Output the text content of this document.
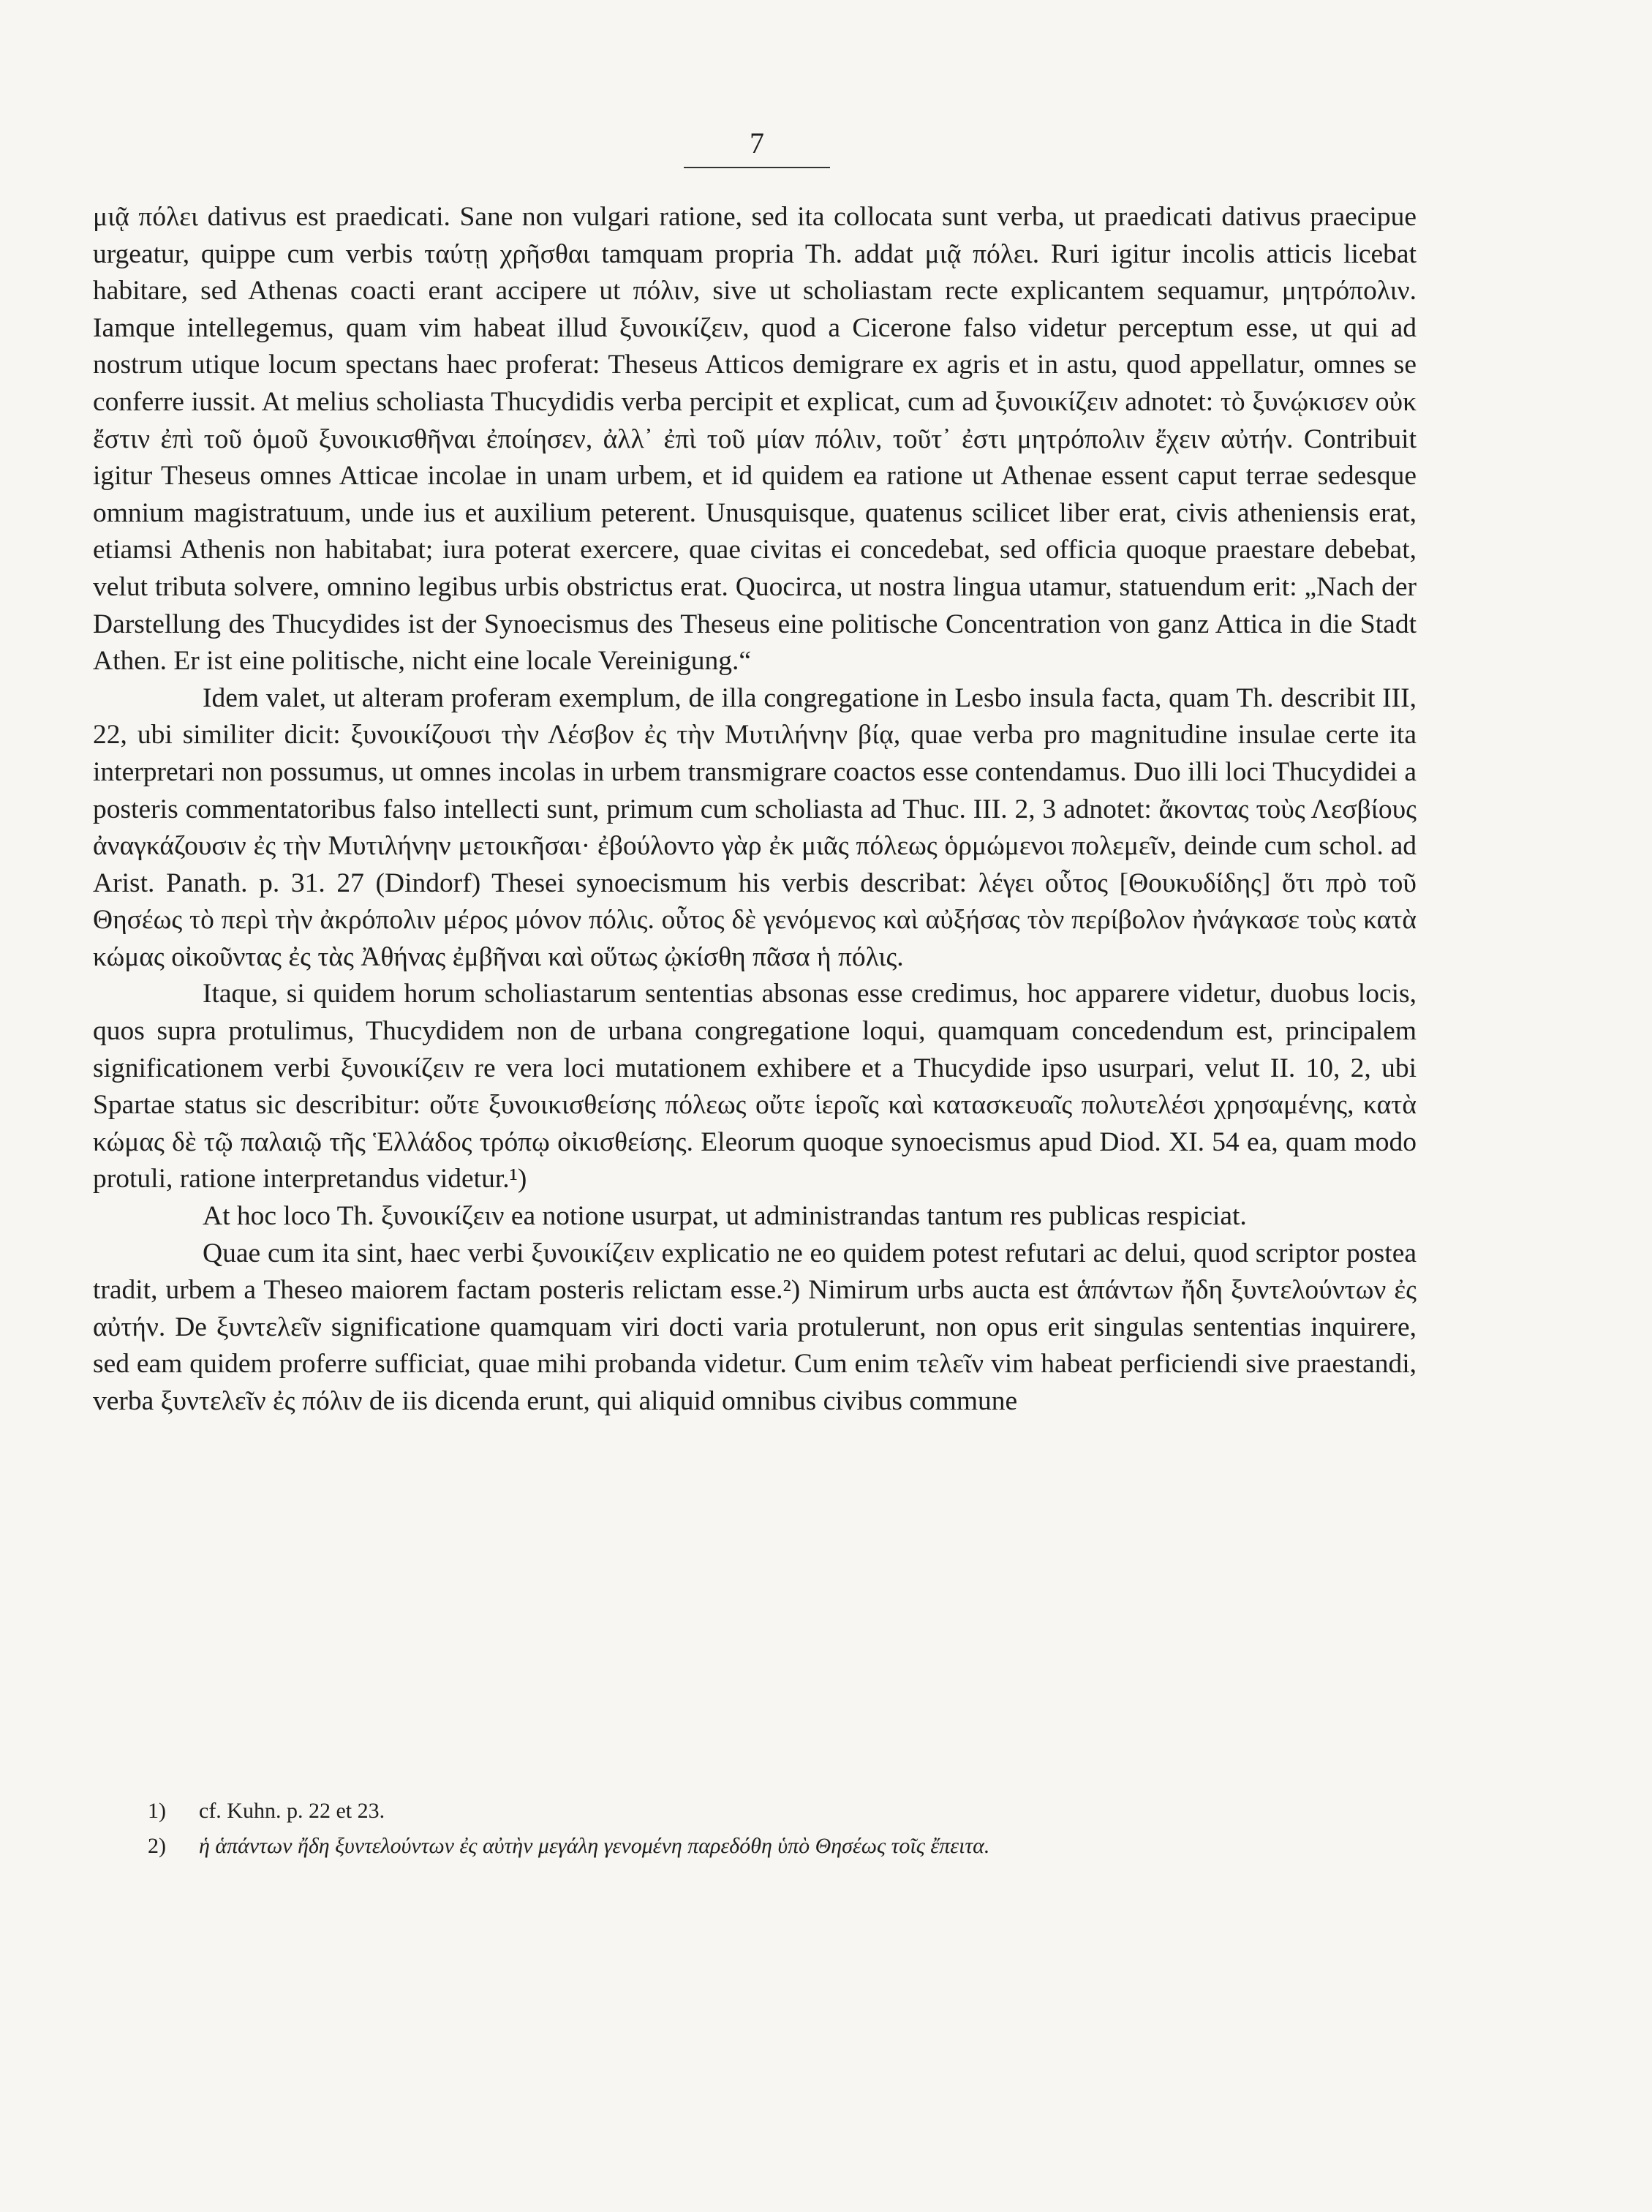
7

μιᾷ πόλει dativus est praedicati. Sane non vulgari ratione, sed ita collocata sunt verba, ut praedicati dativus praecipue urgeatur, quippe cum verbis ταύτῃ χρῆσθαι tamquam propria Th. addat μιᾷ πόλει. Ruri igitur incolis atticis licebat habitare, sed Athenas coacti erant accipere ut πόλιν, sive ut scholiastam recte explicantem sequamur, μητρόπολιν. Iamque intellegemus, quam vim habeat illud ξυνοικίζειν, quod a Cicerone falso videtur perceptum esse, ut qui ad nostrum utique locum spectans haec proferat: Theseus Atticos demigrare ex agris et in astu, quod appellatur, omnes se conferre iussit. At melius scholiasta Thucydidis verba percipit et explicat, cum ad ξυνοικίζειν adnotet: τὸ ξυνῴκισεν οὐκ ἔστιν ἐπὶ τοῦ ὁμοῦ ξυνοικισθῆναι ἐποίησεν, ἀλλ᾽ ἐπὶ τοῦ μίαν πόλιν, τοῦτ᾽ ἐστι μητρόπολιν ἔχειν αὐτήν. Contribuit igitur Theseus omnes Atticae incolae in unam urbem, et id quidem ea ratione ut Athenae essent caput terrae sedesque omnium magistratuum, unde ius et auxilium peterent. Unusquisque, quatenus scilicet liber erat, civis atheniensis erat, etiamsi Athenis non habitabat; iura poterat exercere, quae civitas ei concedebat, sed officia quoque praestare debebat, velut tributa solvere, omnino legibus urbis obstrictus erat. Quocirca, ut nostra lingua utamur, statuendum erit: „Nach der Darstellung des Thucydides ist der Synoecismus des Theseus eine politische Concentration von ganz Attica in die Stadt Athen. Er ist eine politische, nicht eine locale Vereinigung.“

Idem valet, ut alteram proferam exemplum, de illa congregatione in Lesbo insula facta, quam Th. describit III, 22, ubi similiter dicit: ξυνοικίζουσι τὴν Λέσβον ἐς τὴν Μυτιλήνην βίᾳ, quae verba pro magnitudine insulae certe ita interpretari non possumus, ut omnes incolas in urbem transmigrare coactos esse contendamus. Duo illi loci Thucydidei a posteris commentatoribus falso intellecti sunt, primum cum scholiasta ad Thuc. III. 2, 3 adnotet: ἄκοντας τοὺς Λεσβίους ἀναγκάζουσιν ἐς τὴν Μυτιλήνην μετοικῆσαι· ἐβούλοντο γὰρ ἐκ μιᾶς πόλεως ὁρμώμενοι πολεμεῖν, deinde cum schol. ad Arist. Panath. p. 31. 27 (Dindorf) Thesei synoecismum his verbis describat: λέγει οὗτος [Θουκυδίδης] ὅτι πρὸ τοῦ Θησέως τὸ περὶ τὴν ἀκρόπολιν μέρος μόνον πόλις. οὗτος δὲ γενόμενος καὶ αὐξήσας τὸν περίβολον ἠνάγκασε τοὺς κατὰ κώμας οἰκοῦντας ἐς τὰς Ἀθήνας ἐμβῆναι καὶ οὕτως ᾠκίσθη πᾶσα ἡ πόλις.

Itaque, si quidem horum scholiastarum sententias absonas esse credimus, hoc apparere videtur, duobus locis, quos supra protulimus, Thucydidem non de urbana congregatione loqui, quamquam concedendum est, principalem significationem verbi ξυνοικίζειν re vera loci mutationem exhibere et a Thucydide ipso usurpari, velut II. 10, 2, ubi Spartae status sic describitur: οὔτε ξυνοικισθείσης πόλεως οὔτε ἱεροῖς καὶ κατασκευαῖς πολυτελέσι χρησαμένης, κατὰ κώμας δὲ τῷ παλαιῷ τῆς Ἑλλάδος τρόπῳ οἰκισθείσης. Eleorum quoque synoecismus apud Diod. XI. 54 ea, quam modo protuli, ratione interpretandus videtur.¹)

At hoc loco Th. ξυνοικίζειν ea notione usurpat, ut administrandas tantum res publicas respiciat.

Quae cum ita sint, haec verbi ξυνοικίζειν explicatio ne eo quidem potest refutari ac delui, quod scriptor postea tradit, urbem a Theseo maiorem factam posteris relictam esse.²) Nimirum urbs aucta est ἁπάντων ἤδη ξυντελούντων ἐς αὐτήν. De ξυντελεῖν significatione quamquam viri docti varia protulerunt, non opus erit singulas sententias inquirere, sed eam quidem proferre sufficiat, quae mihi probanda videtur. Cum enim τελεῖν vim habeat perficiendi sive praestandi, verba ξυντελεῖν ἐς πόλιν de iis dicenda erunt, qui aliquid omnibus civibus commune

1) cf. Kuhn. p. 22 et 23.
2) ἡ ἁπάντων ἤδη ξυντελούντων ἐς αὐτὴν μεγάλη γενομένη παρεδόθη ὑπὸ Θησέως τοῖς ἔπειτα.
